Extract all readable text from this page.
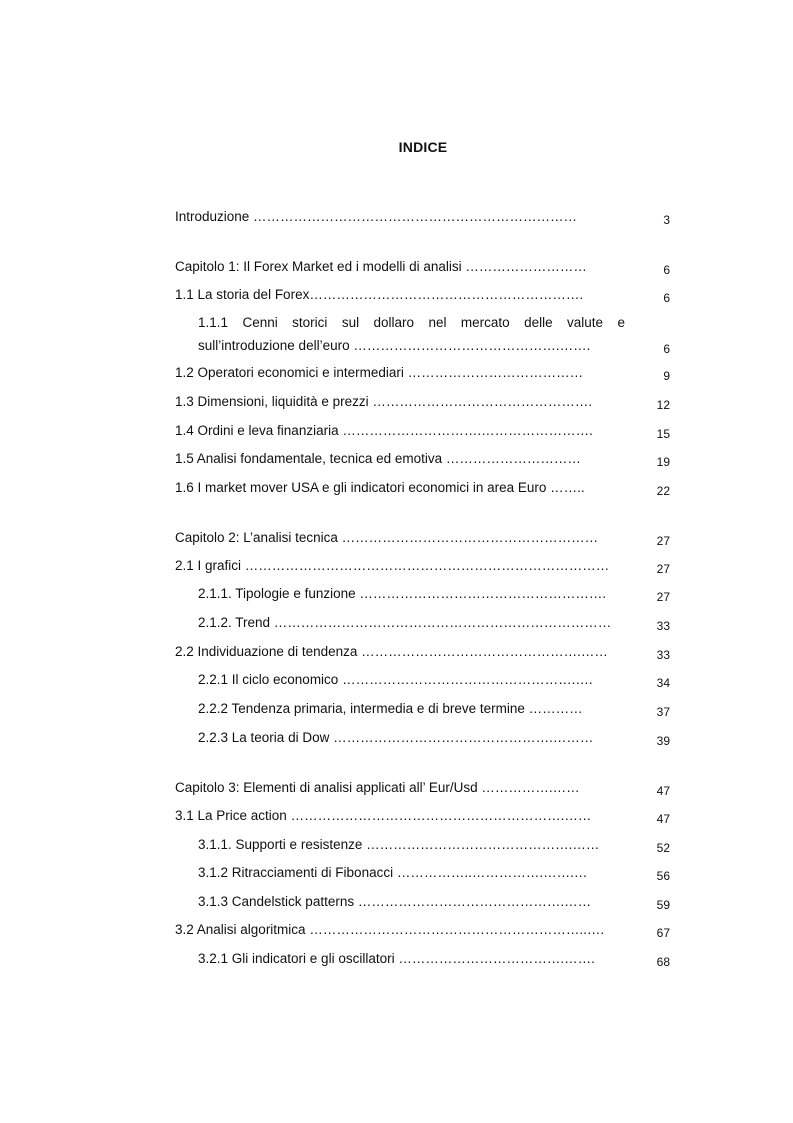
INDICE
Introduzione ………………………………………………………………	3
Capitolo 1: Il Forex Market ed i modelli di analisi ………………………	6
1.1 La storia del Forex…………………………………………………….	6
1.1.1 Cenni storici sul dollaro nel mercato delle valute e
sull’introduzione dell’euro ……………………………………….…….	6
1.2 Operatori economici e intermediari …………………………………	9
1.3 Dimensioni, liquidità e prezzi ………………………………………….	12
1.4 Ordini e leva finanziaria ………………………….…………………….	15
1.5 Analisi fondamentale, tecnica ed emotiva …………………………	19
1.6 I market mover USA e gli indicatori economici in area Euro ……..	22
Capitolo 2: L’analisi tecnica …………………………………………………	27
2.1 I grafici ………………………………………………………………………	27
2.1.1. Tipologie e funzione ……………………………………………….	27
2.1.2. Trend …………………………………………………………………	33
2.2 Individuazione di tendenza ………………………………………….……	33
2.2.1 Il ciclo economico …………………………………………….….	34
2.2.2 Tendenza primaria, intermedia e di breve termine …………	37
2.2.3 La teoria di Dow ………………………………………….………	39
Capitolo 3: Elementi di analisi applicati all’ Eur/Usd …………….……	47
3.1 La Price action …………………………………………………….……	47
3.1.1. Supporti e resistenze ……………………………………….……	52
3.1.2 Ritracciamenti di Fibonacci ……………..…………….…….…	56
3.1.3 Candelstick patterns ……………………………………….……	59
3.2 Analisi algoritmica ……………………………………………………..….	67
3.2.1 Gli indicatori e gli oscillatori ……………………………….…….	68
